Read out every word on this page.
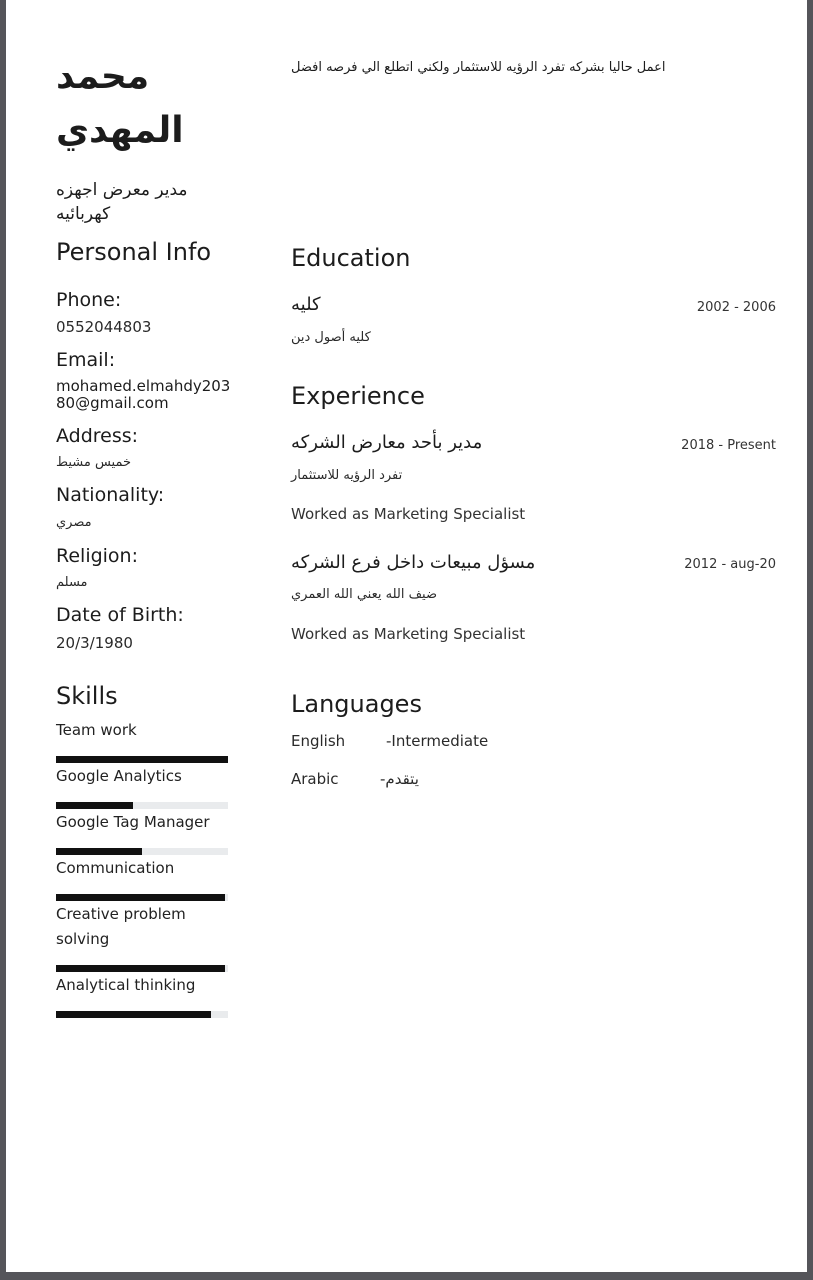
محمد
المهدي
مدير معرض اجهزه كهربائيه
Personal Info
Phone:
0552044803
Email:
mohamed.elmahdy20380@gmail.com
Address:
خميس مشيط
Nationality:
مصري
Religion:
مسلم
Date of Birth:
20/3/1980
Skills
Team work
Google Analytics
Google Tag Manager
Communication
Creative problem solving
Analytical thinking
اعمل حاليا بشركه تفرد الرؤيه للاستثمار ولكني اتطلع الي فرصه افضل
Education
كليه	2002 - 2006
كليه أصول دين
Experience
مدير بأحد معارض الشركه	2018 - Present
تفرد الرؤيه للاستثمار
Worked as Marketing Specialist
مسؤل مبيعات داخل فرع الشركه	2012 - aug-20
ضيف الله يعني الله العمري
Worked as Marketing Specialist
Languages
English	-Intermediate
Arabic	يتقدم-
